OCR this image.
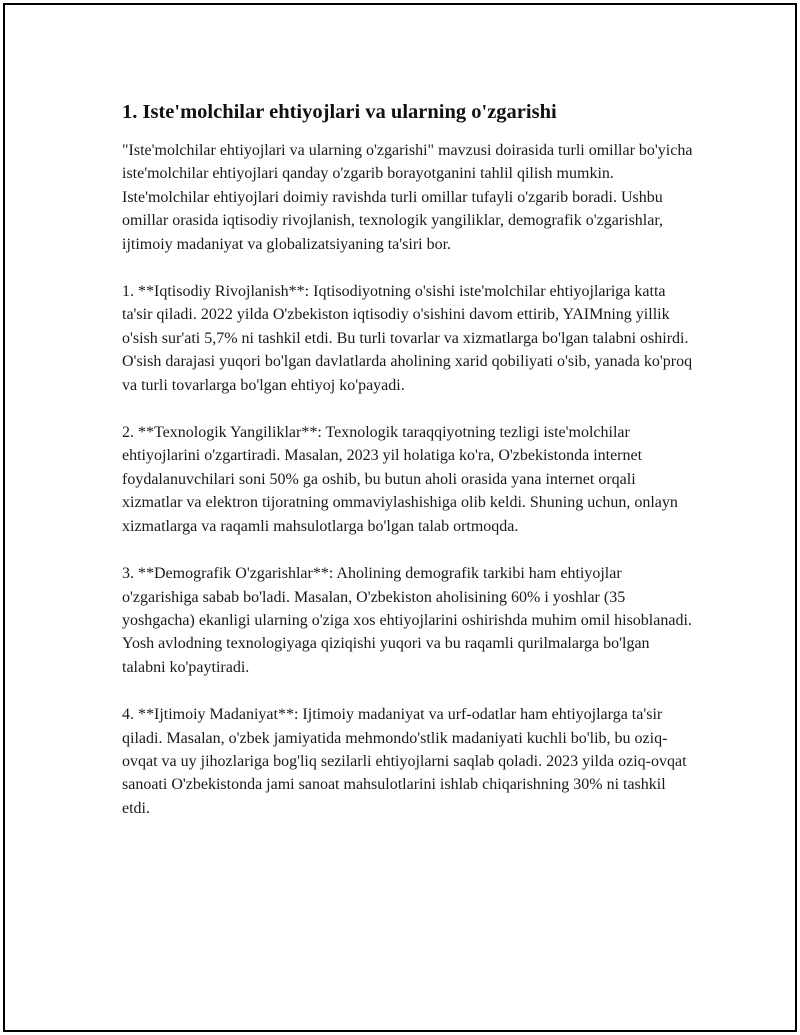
1. Iste'molchilar ehtiyojlari va ularning o'zgarishi

"Iste'molchilar ehtiyojlari va ularning o'zgarishi" mavzusi doirasida turli omillar bo'yicha iste'molchilar ehtiyojlari qanday o'zgarib borayotganini tahlil qilish mumkin. Iste'molchilar ehtiyojlari doimiy ravishda turli omillar tufayli o'zgarib boradi. Ushbu omillar orasida iqtisodiy rivojlanish, texnologik yangiliklar, demografik o'zgarishlar, ijtimoiy madaniyat va globalizatsiyaning ta'siri bor.

1. **Iqtisodiy Rivojlanish**: Iqtisodiyotning o'sishi iste'molchilar ehtiyojlariga katta ta'sir qiladi. 2022 yilda O'zbekiston iqtisodiy o'sishini davom ettirib, YAIMning yillik o'sish sur'ati 5,7% ni tashkil etdi. Bu turli tovarlar va xizmatlarga bo'lgan talabni oshirdi. O'sish darajasi yuqori bo'lgan davlatlarda aholining xarid qobiliyati o'sib, yanada ko'proq va turli tovarlarga bo'lgan ehtiyoj ko'payadi.

2. **Texnologik Yangiliklar**: Texnologik taraqqiyotning tezligi iste'molchilar ehtiyojlarini o'zgartiradi. Masalan, 2023 yil holatiga ko'ra, O'zbekistonda internet foydalanuvchilari soni 50% ga oshib, bu butun aholi orasida yana internet orqali xizmatlar va elektron tijoratning ommaviylashishiga olib keldi. Shuning uchun, onlayn xizmatlarga va raqamli mahsulotlarga bo'lgan talab ortmoqda.

3. **Demografik O'zgarishlar**: Aholining demografik tarkibi ham ehtiyojlar o'zgarishiga sabab bo'ladi. Masalan, O'zbekiston aholisining 60% i yoshlar (35 yoshgacha) ekanligi ularning o'ziga xos ehtiyojlarini oshirishda muhim omil hisoblanadi. Yosh avlodning texnologiyaga qiziqishi yuqori va bu raqamli qurilmalarga bo'lgan talabni ko'paytiradi.

4. **Ijtimoiy Madaniyat**: Ijtimoiy madaniyat va urf-odatlar ham ehtiyojlarga ta'sir qiladi. Masalan, o'zbek jamiyatida mehmondo'stlik madaniyati kuchli bo'lib, bu oziq-ovqat va uy jihozlariga bog'liq sezilarli ehtiyojlarni saqlab qoladi. 2023 yilda oziq-ovqat sanoati O'zbekistonda jami sanoat mahsulotlarini ishlab chiqarishning 30% ni tashkil etdi.
